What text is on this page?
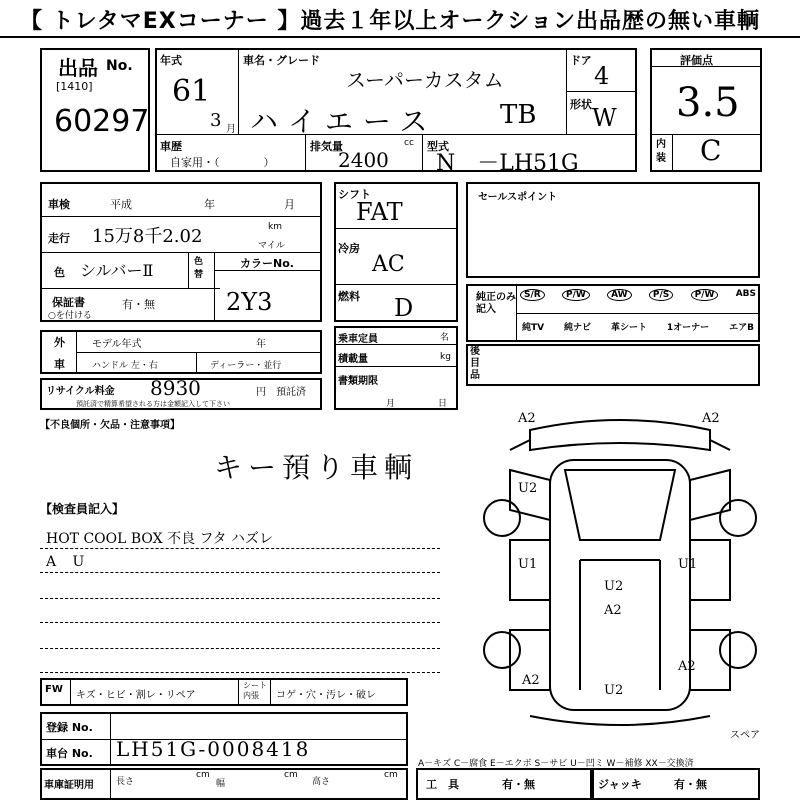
【 トレタマEXコーナー 】過去１年以上オークション出品歴の無い車輌
出品 No.
[1410]
60297
年式
61
3 月
車名・グレード
スーパーカスタム
ハイエース TB
ドア
4
形状 W
車歴
自家用・（　　　　）
排気量	cc
2400
型式
N　－LH51G
評価点
3.5
内
装 C
車検	平成	年	月
走行 15万8千2.02	km
マイル
色 シルバーⅡ	色
替
カラーNo.
2Y3
保証書	有・無
○を付ける
シフト
FAT
冷房
AC
燃料 D
セールスポイント
純正のみ記入
S/R	P/W	AW	P/S	P/W	ABS
純TV 純ナビ 革シート 1オーナー エアB
後
目
品
外
車
モデル年式	年
ハンドル 左・右	ディーラー・並行
乗車定員	名
積載量	kg
書類期限
月	日
リサイクル料金 8930	円 預託済
預託済で精算希望される方は金額記入して下さい
【不良個所・欠品・注意事項】
キー預り車輌
【検査員記入】
HOT COOL BOX 不良 フタ ハズレ
A U
A2	A2
U2
U1	U1
U2
A2
A2
A2
U2
スペア
FW
キズ・ヒビ・割レ・リペア
シート
内張	コゲ・穴・汚レ・破レ
登録 No.
車台 No. LH51G-0008418
A－キズ C－腐食 E－エクボ S－サビ U－凹ミ W－補修 XX－交換済
車庫証明用 長さ
cm
幅
cm
高さ
cm
工　具	有・無	ジャッキ	有・無
